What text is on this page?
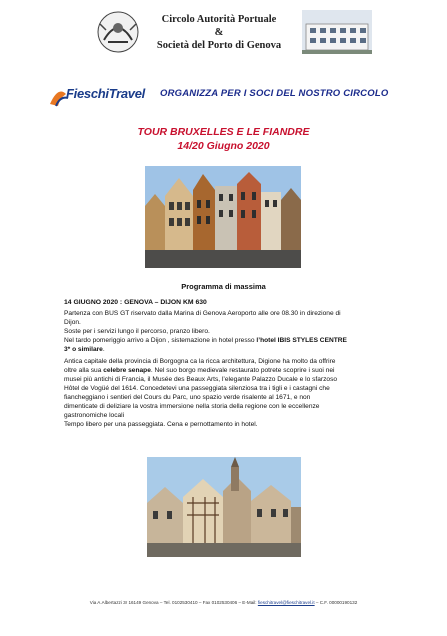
Circolo Autorità Portuale
&
Società del Porto di Genova
FieschiTravel ORGANIZZA PER I SOCI DEL NOSTRO CIRCOLO
TOUR BRUXELLES E LE FIANDRE
14/20 Giugno 2020
Programma di massima
14 GIUGNO 2020 : GENOVA – DIJON KM 630
Partenza con BUS GT riservato dalla Marina di Genova Aeroporto alle ore 08.30 in direzione di
Dijon.
Soste per i servizi lungo il percorso, pranzo libero.
Nel tardo pomeriggio arrivo a Dijon , sistemazione in hotel presso l’hotel IBIS STYLES CENTRE
3* o similare.
Antica capitale della provincia di Borgogna ca la ricca architettura, Digione ha molto da offrire
oltre alla sua celebre senape. Nel suo borgo medievale restaurato potrete scoprire i suoi nei
musei più antichi di Francia, il Musée des Beaux Arts, l’elegante Palazzo Ducale e lo sfarzoso
Hôtel de Vogüé del 1614. Concedetevi una passeggiata silenziosa tra i tigli e i castagni che
fiancheggiano i sentieri del Cours du Parc, uno spazio verde risalente al 1671, e non
dimenticate di deliziare la vostra immersione nella storia della regione con le eccellenze
gastronomiche locali
Tempo libero per una passeggiata. Cena e pernottamento in hotel.
Via A.Albertazzi 3r 16149 Genova – Tel. 0102530410 – Fax 0102530406 – E-Mail: fieschitravel@fieschitravel.it – C.F. 00000190132
